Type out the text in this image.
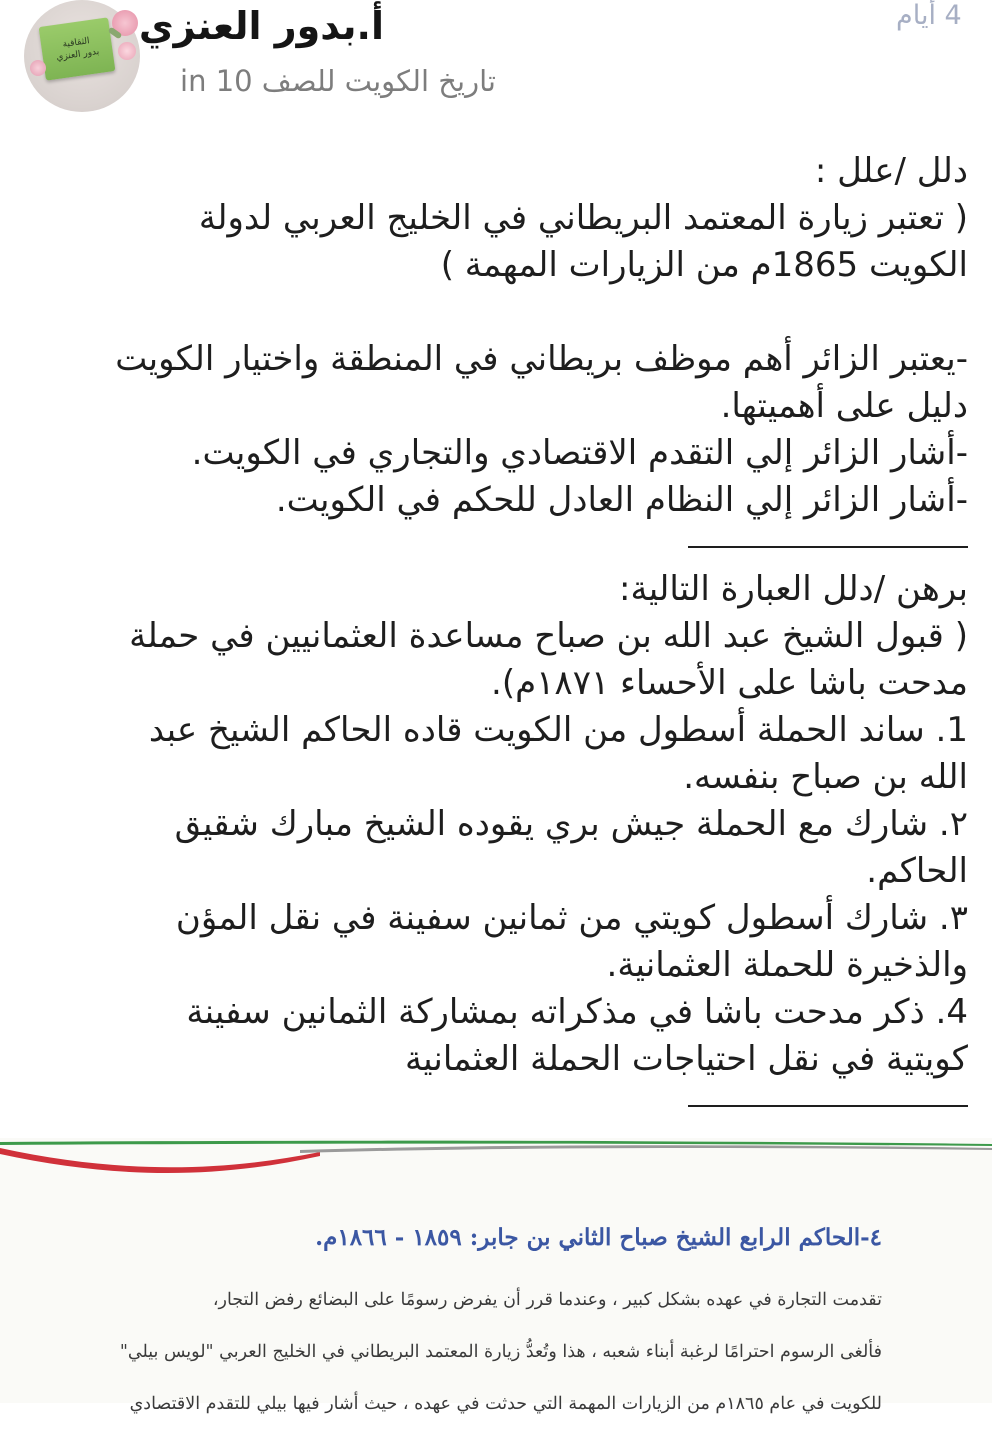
الثقافية
بدور العنزي
أ.بدور العنزي
in تاريخ الكويت للصف 10
4 أيام

دلل /علل :

( تعتبر زيارة المعتمد البريطاني في الخليج العربي لدولة

الكويت 1865م من الزيارات المهمة )

-يعتبر الزائر أهم موظف بريطاني في المنطقة واختيار الكويت

دليل على أهميتها.

-أشار الزائر إلي التقدم الاقتصادي والتجاري في الكويت.

-أشار الزائر إلي النظام العادل للحكم في الكويت.

برهن /دلل العبارة التالية:

( قبول الشيخ عبد الله بن صباح مساعدة العثمانيين في حملة

مدحت باشا على الأحساء ١٨٧١م).

1. ساند الحملة أسطول من الكويت قاده الحاكم الشيخ عبد

الله بن صباح بنفسه.

٢. شارك مع الحملة جيش بري يقوده الشيخ مبارك شقيق

الحاكم.

٣. شارك أسطول كويتي من ثمانين سفينة في نقل المؤن

والذخيرة للحملة العثمانية.

4. ذكر مدحت باشا في مذكراته بمشاركة الثمانين سفينة

كويتية في نقل احتياجات الحملة العثمانية

٤-الحاكم الرابع الشيخ صباح الثاني بن جابر: ١٨٥٩ - ١٨٦٦م.

تقدمت التجارة في عهده بشكل كبير ، وعندما قرر أن يفرض رسومًا على البضائع رفض التجار،

فألغى الرسوم احترامًا لرغبة أبناء شعبه ، هذا وتُعدُّ زيارة المعتمد البريطاني في الخليج العربي "لويس بيلي"

للكويت في عام ١٨٦٥م من الزيارات المهمة التي حدثت في عهده ، حيث أشار فيها بيلي للتقدم الاقتصادي
